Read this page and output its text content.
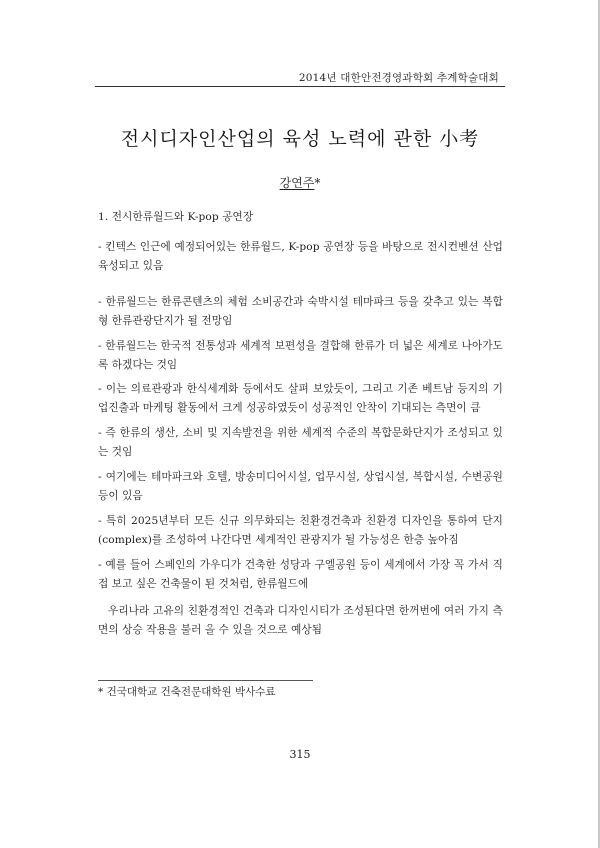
2014년 대한안전경영과학회 추계학술대회
전시디자인산업의 육성 노력에 관한 小考
강연주*

1. 전시한류월드와 K-pop 공연장

- 킨텍스 인근에 예정되어있는 한류월드, K-pop 공연장 등을 바탕으로 전시컨벤션 산업 육성되고 있음

- 한류월드는 한류콘텐츠의 체험 소비공간과 숙박시설 테마파크 등을 갖추고 있는 복합형 한류관광단지가 될 전망임

- 한류월드는 한국적 전통성과 세계적 보편성을 결합해 한류가 더 넓은 세계로 나아가도록 하겠다는 것임

- 이는 의료관광과 한식세계화 등에서도 살펴 보았듯이, 그리고 기존 베트남 등지의 기업진출과 마케팅 활동에서 크게 성공하였듯이 성공적인 안착이 기대되는 측면이 큼

- 즉 한류의 생산, 소비 및 지속발전을 위한 세계적 수준의 복합문화단지가 조성되고 있는 것임

- 여기에는 테마파크와 호텔, 방송미디어시설, 업무시설, 상업시설, 복합시설, 수변공원 등이 있음

- 특히 2025년부터 모든 신규 의무화되는 친환경건축과 친환경 디자인을 통하여 단지(complex)를 조성하여 나간다면 세계적인 관광지가 될 가능성은 한층 높아짐

- 예를 들어 스페인의 가우디가 건축한 성당과 구엘공원 등이 세계에서 가장 꼭 가서 직접 보고 싶은 건축물이 된 것처럼, 한류월드에

우리나라 고유의 친환경적인 건축과 디자인시티가 조성된다면 한꺼번에 여러 가지 측면의 상승 작용을 불러 올 수 있을 것으로 예상됨

* 건국대학교 건축전문대학원 박사수료
315
